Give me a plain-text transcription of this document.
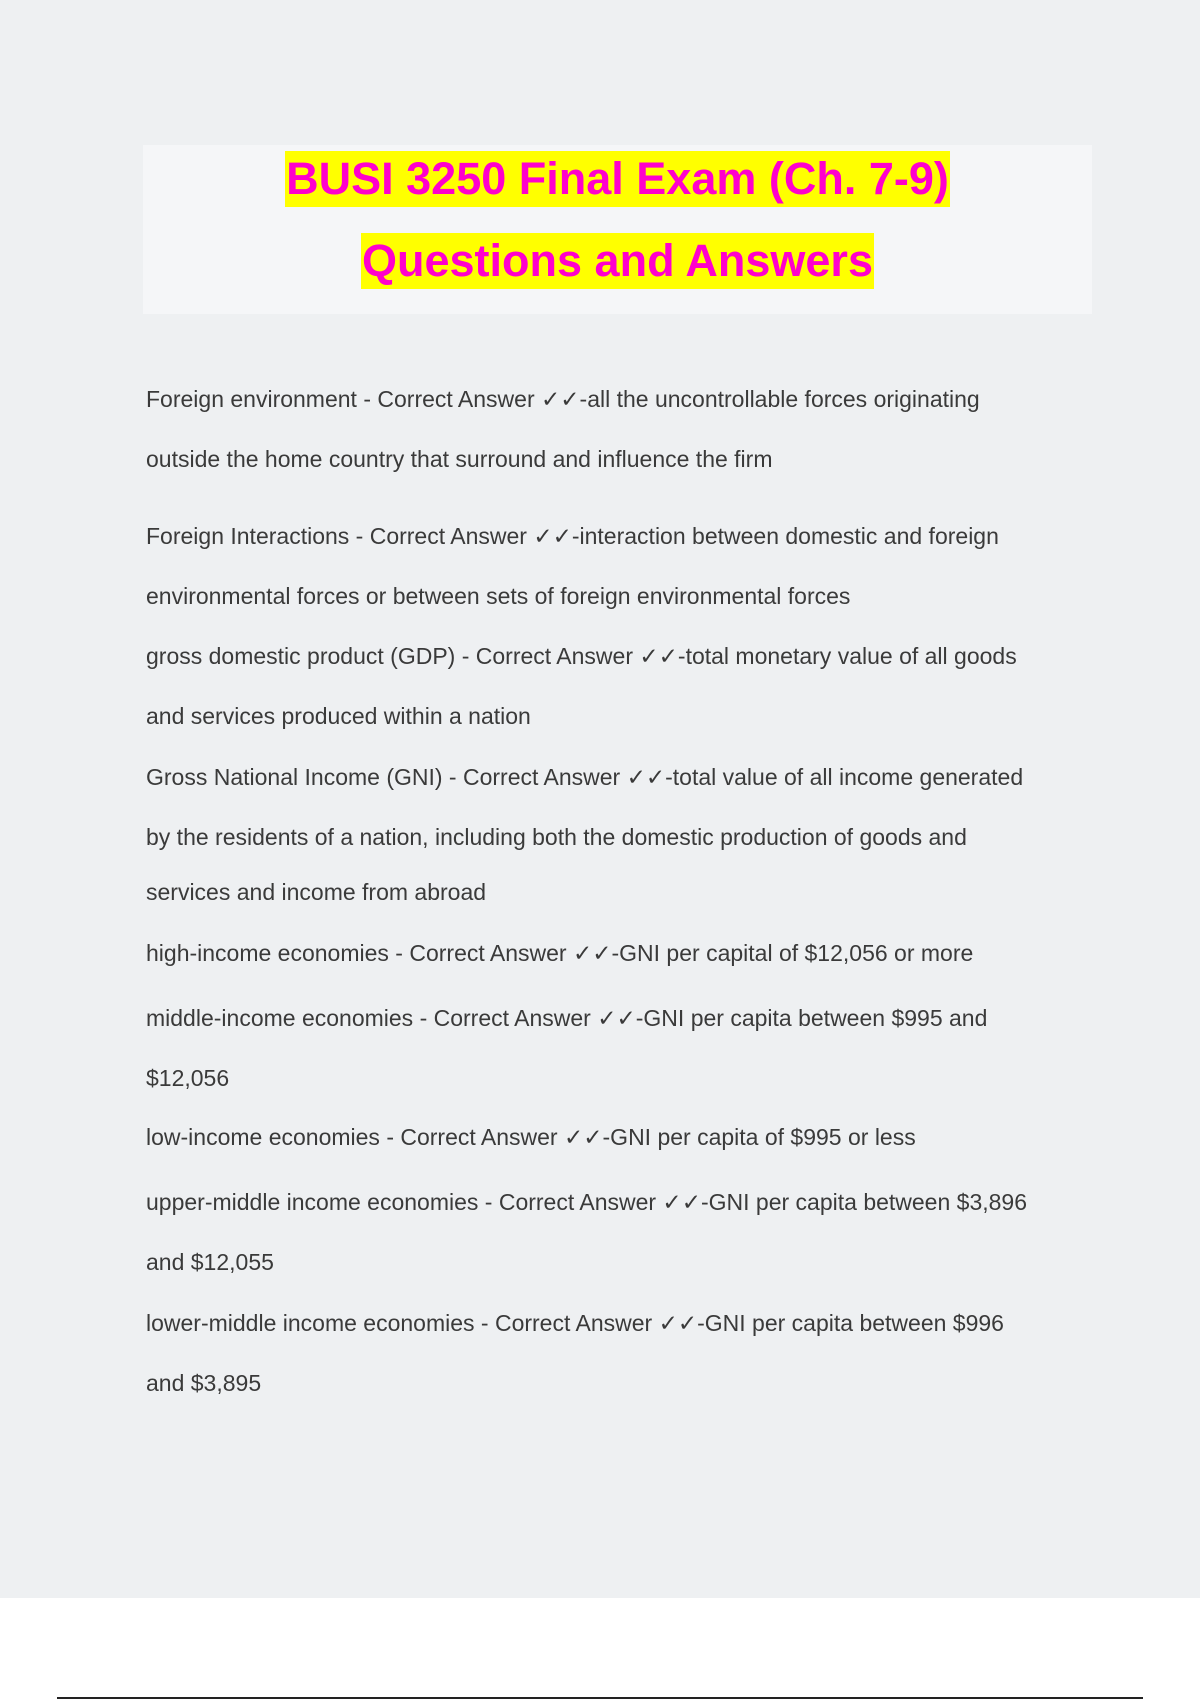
BUSI 3250 Final Exam (Ch. 7-9)
Questions and Answers
Foreign environment - Correct Answer ✓✓-all the uncontrollable forces originating
outside the home country that surround and influence the firm
Foreign Interactions - Correct Answer ✓✓-interaction between domestic and foreign
environmental forces or between sets of foreign environmental forces
gross domestic product (GDP) - Correct Answer ✓✓-total monetary value of all goods
and services produced within a nation
Gross National Income (GNI) - Correct Answer ✓✓-total value of all income generated
by the residents of a nation, including both the domestic production of goods and
services and income from abroad
high-income economies - Correct Answer ✓✓-GNI per capital of $12,056 or more
middle-income economies - Correct Answer ✓✓-GNI per capita between $995 and
$12,056
low-income economies - Correct Answer ✓✓-GNI per capita of $995 or less
upper-middle income economies - Correct Answer ✓✓-GNI per capita between $3,896
and $12,055
lower-middle income economies - Correct Answer ✓✓-GNI per capita between $996
and $3,895
